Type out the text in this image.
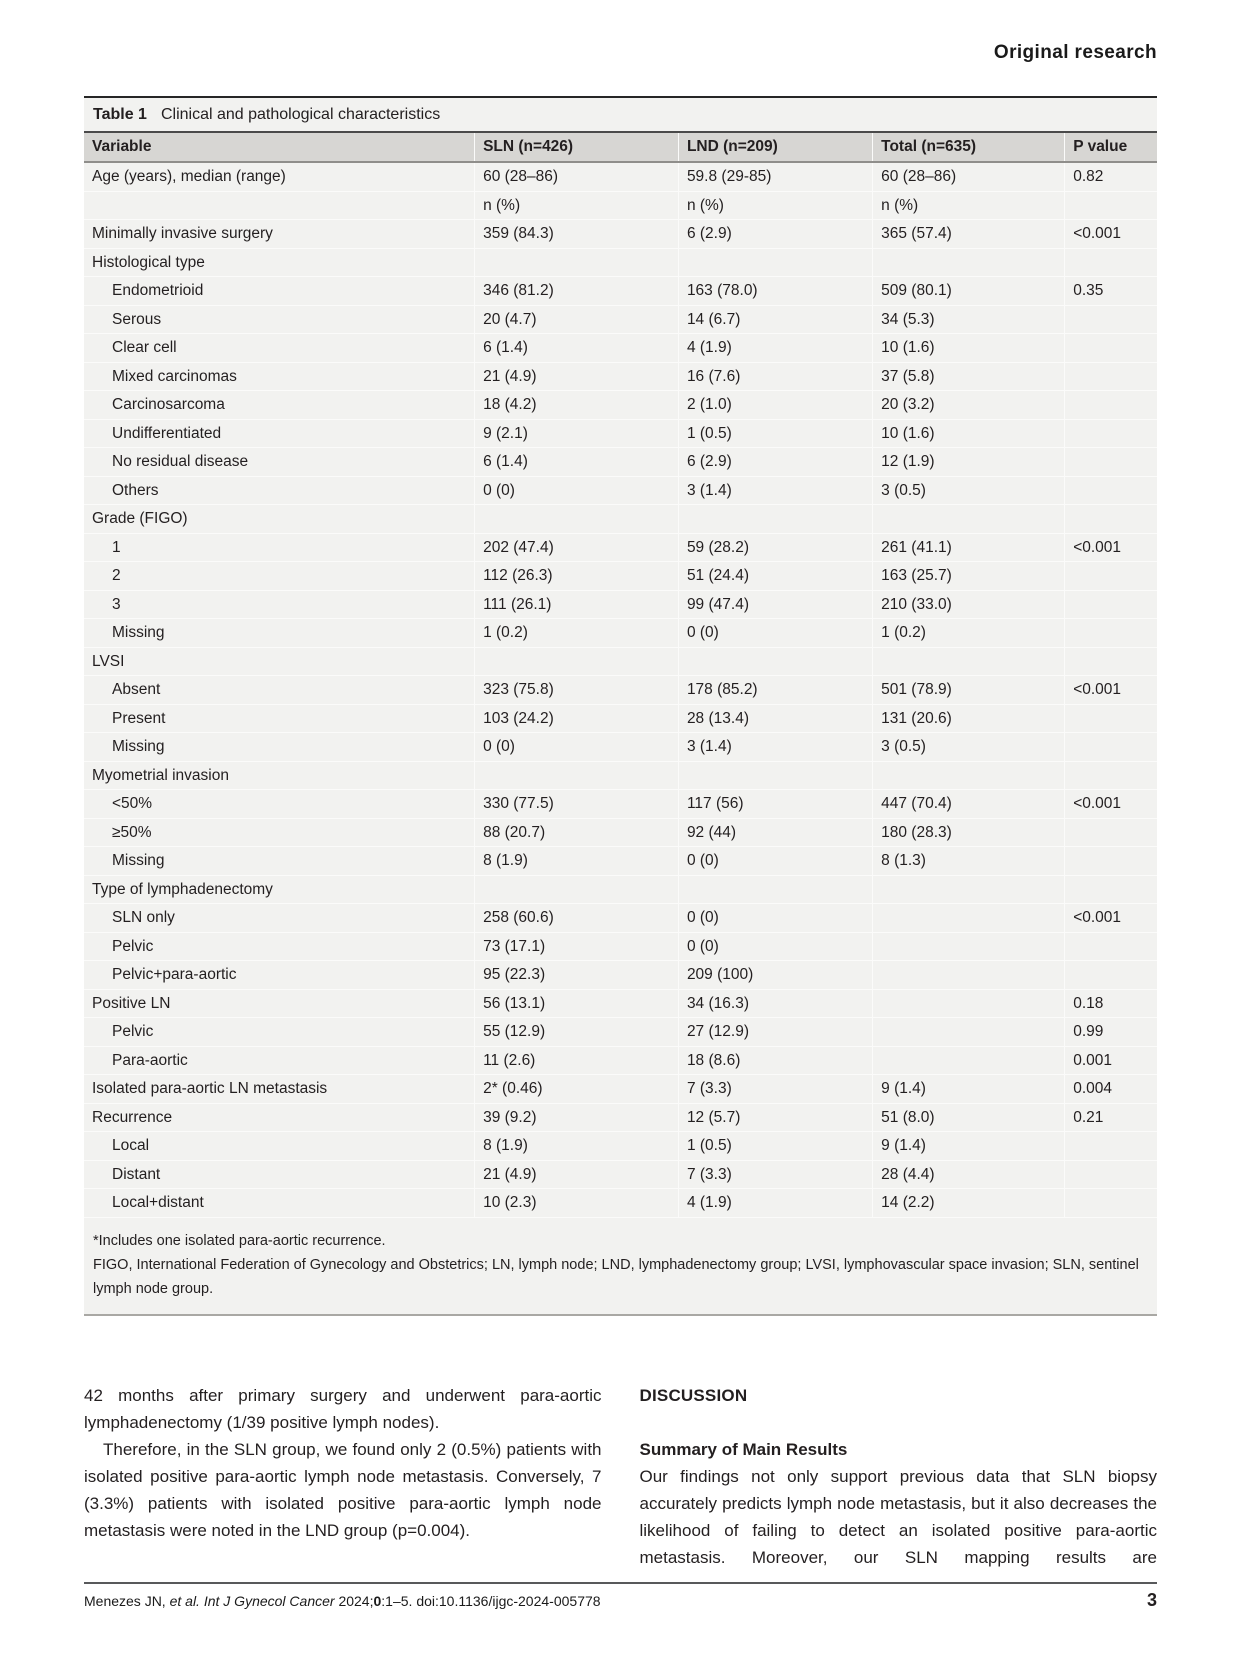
Original research
Table 1 Clinical and pathological characteristics
Variable	SLN (n=426)	LND (n=209)	Total (n=635)	P value
Age (years), median (range)	60 (28–86)	59.8 (29-85)	60 (28–86)	0.82
	n (%)	n (%)	n (%)	
Minimally invasive surgery	359 (84.3)	6 (2.9)	365 (57.4)	<0.001
Histological type				
Endometrioid	346 (81.2)	163 (78.0)	509 (80.1)	0.35
Serous	20 (4.7)	14 (6.7)	34 (5.3)	
Clear cell	6 (1.4)	4 (1.9)	10 (1.6)	
Mixed carcinomas	21 (4.9)	16 (7.6)	37 (5.8)	
Carcinosarcoma	18 (4.2)	2 (1.0)	20 (3.2)	
Undifferentiated	9 (2.1)	1 (0.5)	10 (1.6)	
No residual disease	6 (1.4)	6 (2.9)	12 (1.9)	
Others	0 (0)	3 (1.4)	3 (0.5)	
Grade (FIGO)				
1	202 (47.4)	59 (28.2)	261 (41.1)	<0.001
2	112 (26.3)	51 (24.4)	163 (25.7)	
3	111 (26.1)	99 (47.4)	210 (33.0)	
Missing	1 (0.2)	0 (0)	1 (0.2)	
LVSI				
Absent	323 (75.8)	178 (85.2)	501 (78.9)	<0.001
Present	103 (24.2)	28 (13.4)	131 (20.6)	
Missing	0 (0)	3 (1.4)	3 (0.5)	
Myometrial invasion				
<50%	330 (77.5)	117 (56)	447 (70.4)	<0.001
≥50%	88 (20.7)	92 (44)	180 (28.3)	
Missing	8 (1.9)	0 (0)	8 (1.3)	
Type of lymphadenectomy				
SLN only	258 (60.6)	0 (0)		<0.001
Pelvic	73 (17.1)	0 (0)		
Pelvic+para-aortic	95 (22.3)	209 (100)		
Positive LN	56 (13.1)	34 (16.3)		0.18
Pelvic	55 (12.9)	27 (12.9)		0.99
Para-aortic	11 (2.6)	18 (8.6)		0.001
Isolated para-aortic LN metastasis	2* (0.46)	7 (3.3)	9 (1.4)	0.004
Recurrence	39 (9.2)	12 (5.7)	51 (8.0)	0.21
Local	8 (1.9)	1 (0.5)	9 (1.4)	
Distant	21 (4.9)	7 (3.3)	28 (4.4)	
Local+distant	10 (2.3)	4 (1.9)	14 (2.2)	
*Includes one isolated para-aortic recurrence.
FIGO, International Federation of Gynecology and Obstetrics; LN, lymph node; LND, lymphadenectomy group; LVSI, lymphovascular space invasion; SLN, sentinel lymph node group.

42 months after primary surgery and underwent para-aortic lymphadenectomy (1/39 positive lymph nodes).

Therefore, in the SLN group, we found only 2 (0.5%) patients with isolated positive para-aortic lymph node metastasis. Conversely, 7 (3.3%) patients with isolated positive para-aortic lymph node metastasis were noted in the LND group (p=0.004).

DISCUSSION
Summary of Main Results

Our findings not only support previous data that SLN biopsy accurately predicts lymph node metastasis, but it also decreases the likelihood of failing to detect an isolated positive para-aortic metastasis. Moreover, our SLN mapping results are

Menezes JN, et al. Int J Gynecol Cancer 2024;0:1–5. doi:10.1136/ijgc-2024-005778	3
